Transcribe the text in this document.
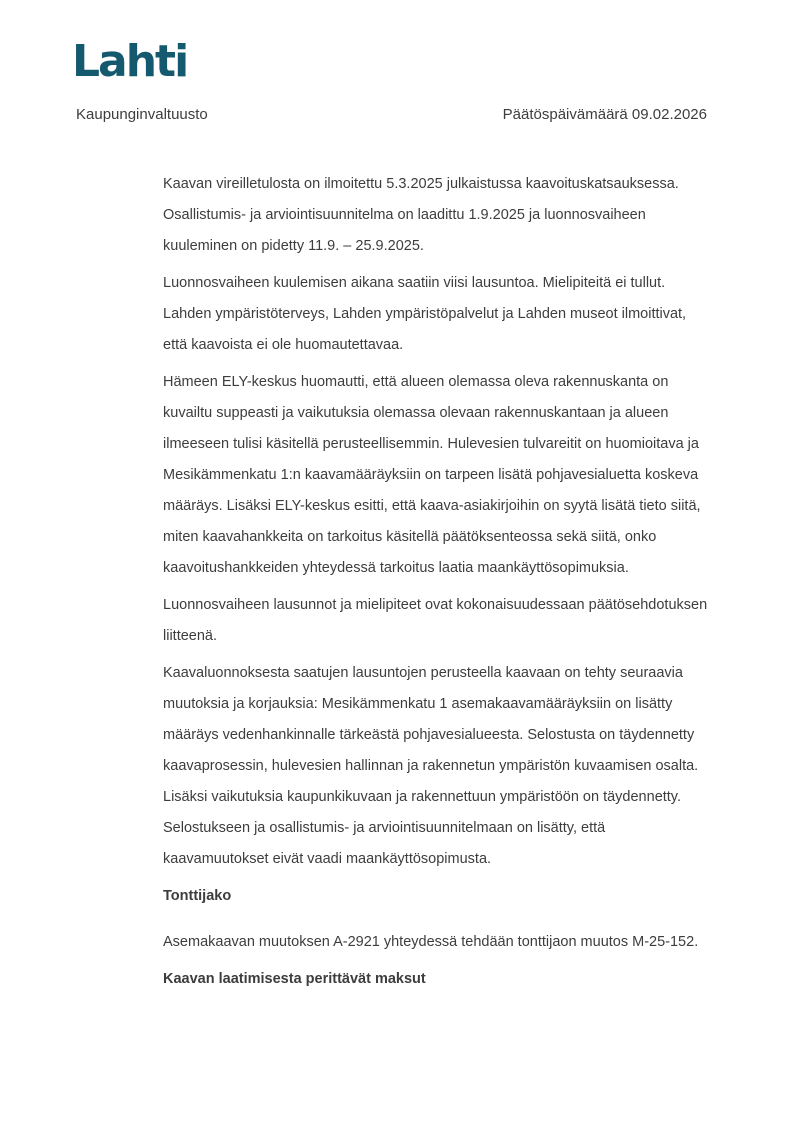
Lahti
Kaupunginvaltuusto	Päätöspäivämäärä 09.02.2026

Kaavan vireilletulosta on ilmoitettu 5.3.2025 julkaistussa kaavoituskatsauksessa. Osallistumis- ja arviointisuunnitelma on laadittu 1.9.2025 ja luonnosvaiheen kuuleminen on pidetty 11.9. – 25.9.2025.

Luonnosvaiheen kuulemisen aikana saatiin viisi lausuntoa. Mielipiteitä ei tullut. Lahden ympäristöterveys, Lahden ympäristöpalvelut ja Lahden museot ilmoittivat, että kaavoista ei ole huomautettavaa.

Hämeen ELY-keskus huomautti, että alueen olemassa oleva rakennuskanta on kuvailtu suppeasti ja vaikutuksia olemassa olevaan rakennuskantaan ja alueen ilmeeseen tulisi käsitellä perusteellisemmin. Hulevesien tulvareitit on huomioitava ja Mesikämmenkatu 1:n kaavamääräyksiin on tarpeen lisätä pohjavesialuetta koskeva määräys. Lisäksi ELY-keskus esitti, että kaava-asiakirjoihin on syytä lisätä tieto siitä, miten kaavahankkeita on tarkoitus käsitellä päätöksenteossa sekä siitä, onko kaavoitushankkeiden yhteydessä tarkoitus laatia maankäyttösopimuksia.

Luonnosvaiheen lausunnot ja mielipiteet ovat kokonaisuudessaan päätösehdotuksen liitteenä.

Kaavaluonnoksesta saatujen lausuntojen perusteella kaavaan on tehty seuraavia muutoksia ja korjauksia: Mesikämmenkatu 1 asemakaavamääräyksiin on lisätty määräys vedenhankinnalle tärkeästä pohjavesialueesta. Selostusta on täydennetty kaavaprosessin, hulevesien hallinnan ja rakennetun ympäristön kuvaamisen osalta. Lisäksi vaikutuksia kaupunkikuvaan ja rakennettuun ympäristöön on täydennetty. Selostukseen ja osallistumis- ja arviointisuunnitelmaan on lisätty, että kaavamuutokset eivät vaadi maankäyttösopimusta.

Tonttijako

Asemakaavan muutoksen A-2921 yhteydessä tehdään tonttijaon muutos M-25-152.

Kaavan laatimisesta perittävät maksut
